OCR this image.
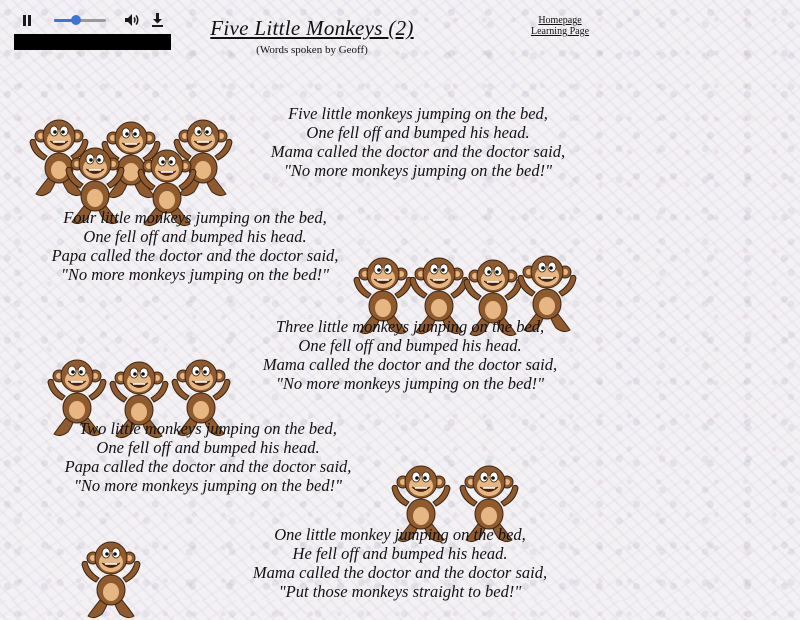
Five Little Monkeys (2)
(Words spoken by Geoff)
Homepage
Learning Page
Five little monkeys jumping on the bed,
One fell off and bumped his head.
Mama called the doctor and the doctor said,
"No more monkeys jumping on the bed!"
Four little monkeys jumping on the bed,
One fell off and bumped his head.
Papa called the doctor and the doctor said,
"No more monkeys jumping on the bed!"
Three little monkeys jumping on the bed,
One fell off and bumped his head.
Mama called the doctor and the doctor said,
"No more monkeys jumping on the bed!"
Two little monkeys jumping on the bed,
One fell off and bumped his head.
Papa called the doctor and the doctor said,
"No more monkeys jumping on the bed!"
One little monkey jumping on the bed,
He fell off and bumped his head.
Mama called the doctor and the doctor said,
"Put those monkeys straight to bed!"
